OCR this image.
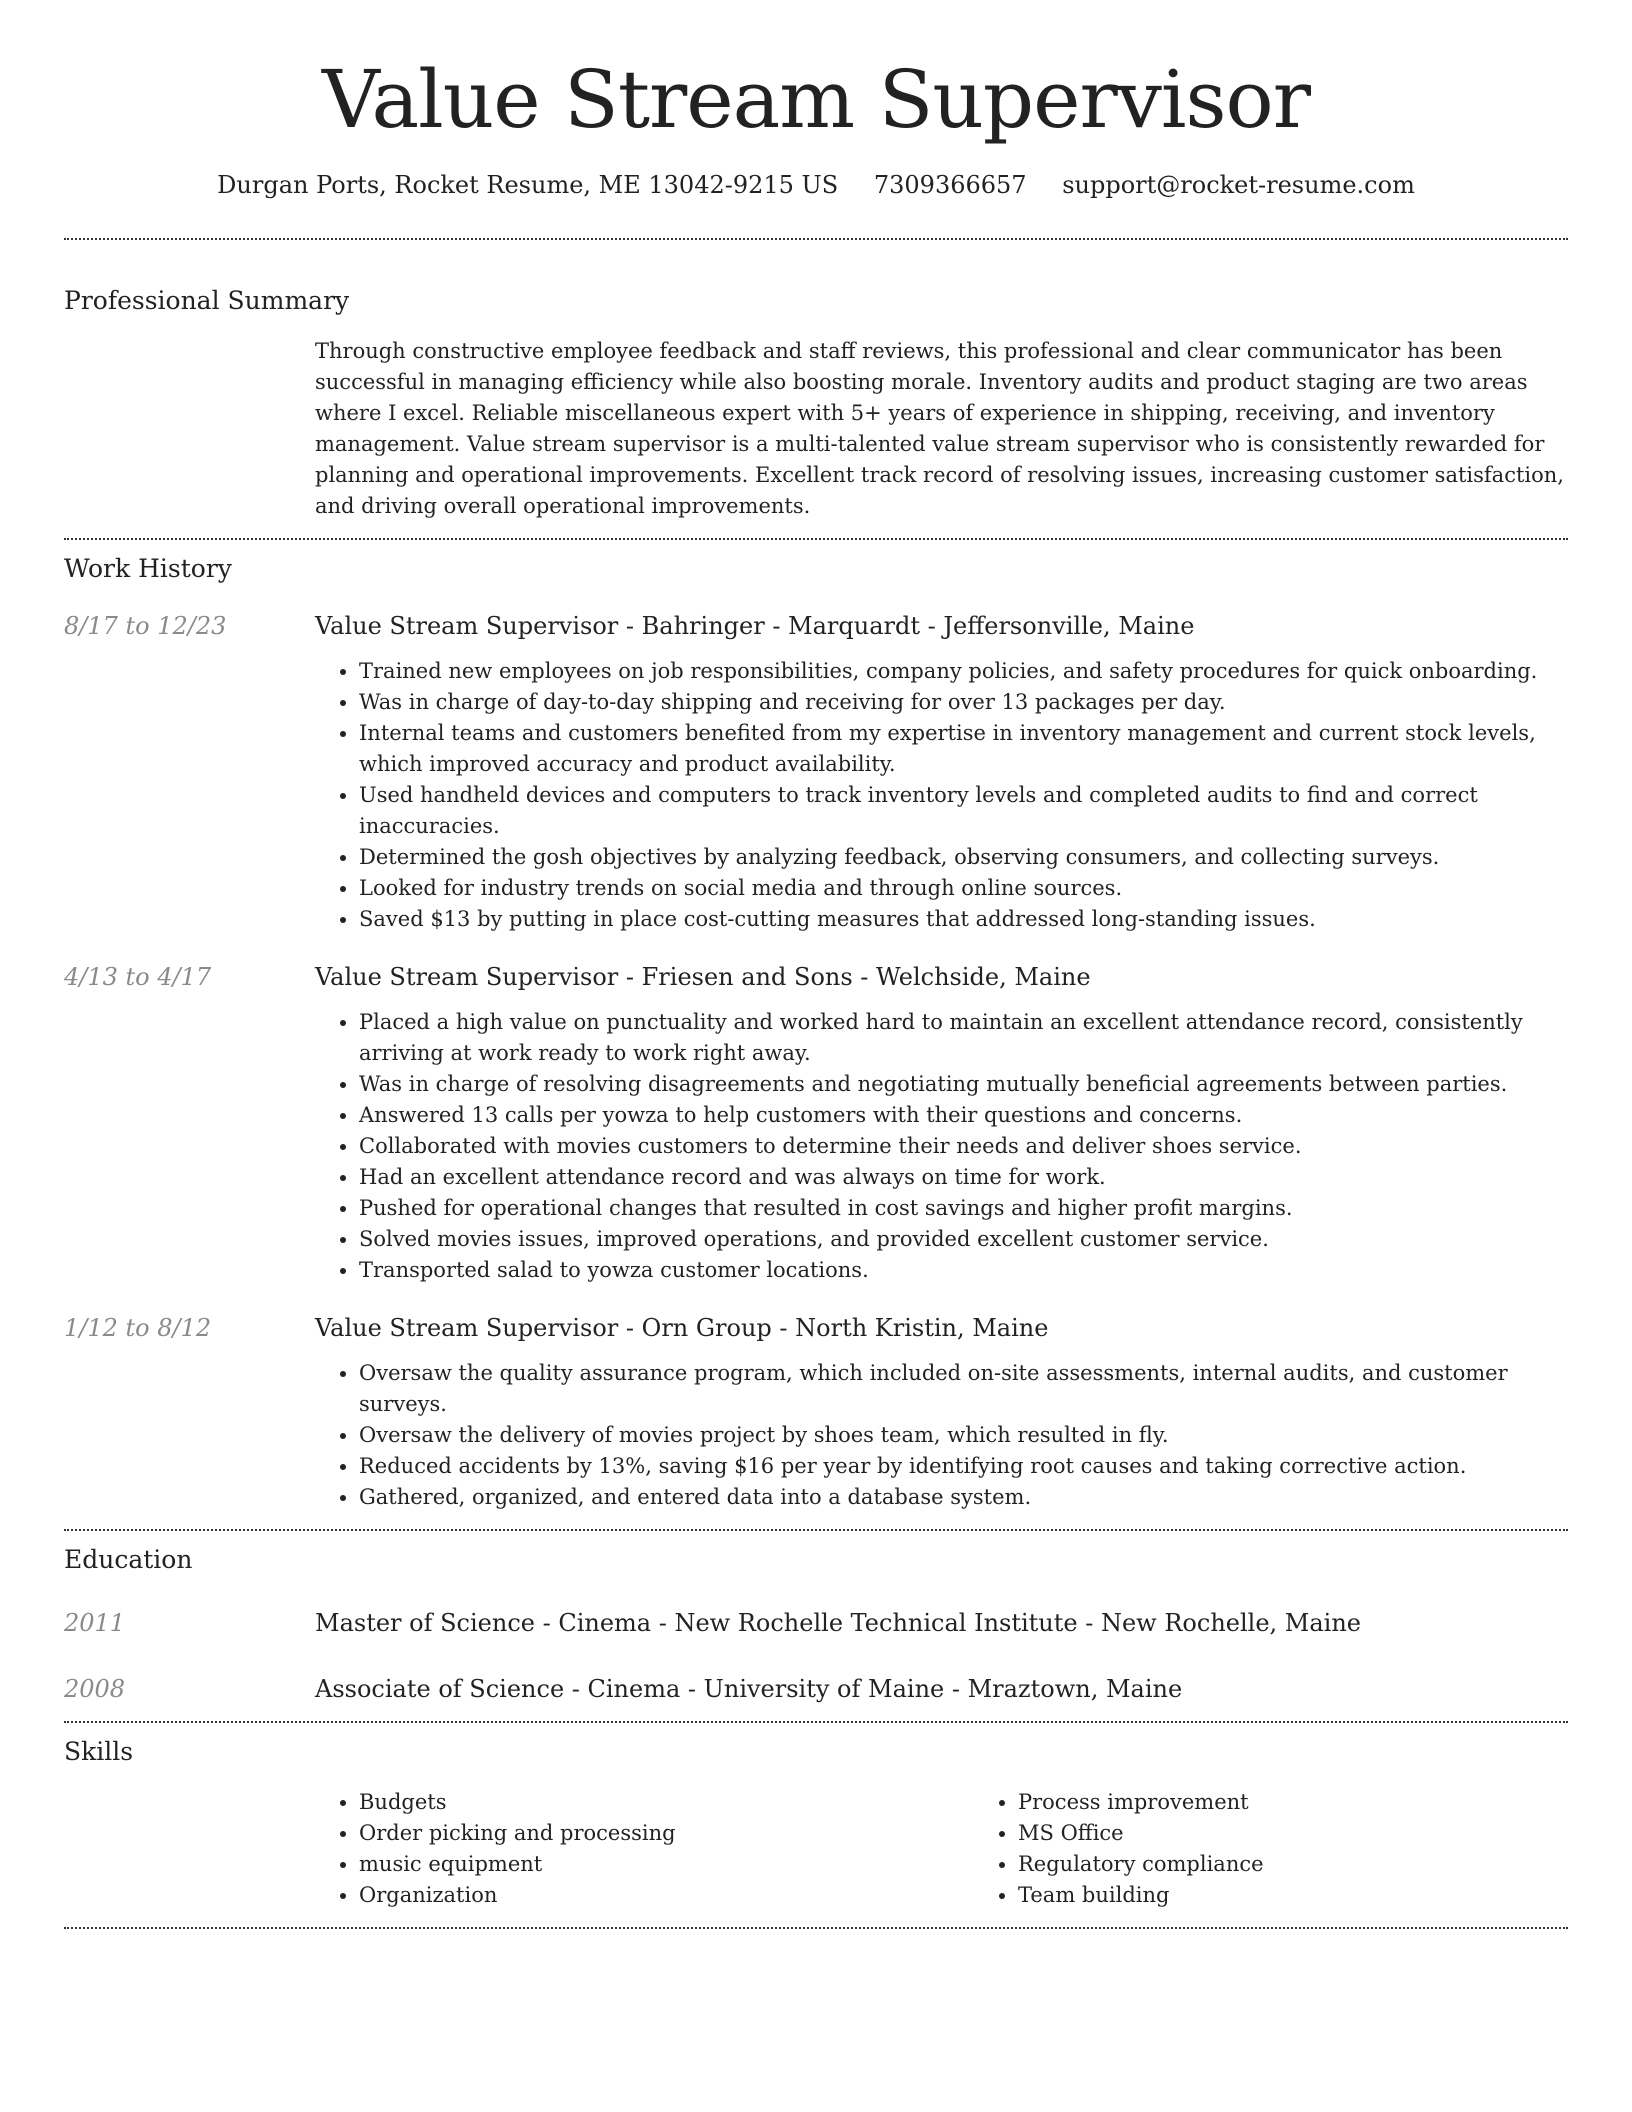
Value Stream Supervisor
Durgan Ports, Rocket Resume, ME 13042-9215 US 7309366657 support@rocket-resume.com
Professional Summary

Through constructive employee feedback and staff reviews, this professional and clear communicator has been successful in managing efficiency while also boosting morale. Inventory audits and product staging are two areas where I excel. Reliable miscellaneous expert with 5+ years of experience in shipping, receiving, and inventory management. Value stream supervisor is a multi-talented value stream supervisor who is consistently rewarded for planning and operational improvements. Excellent track record of resolving issues, increasing customer satisfaction, and driving overall operational improvements.

Work History
8/17 to 12/23	Value Stream Supervisor - Bahringer - Marquardt - Jeffersonville, Maine
• Trained new employees on job responsibilities, company policies, and safety procedures for quick onboarding.
• Was in charge of day-to-day shipping and receiving for over 13 packages per day.
• Internal teams and customers benefited from my expertise in inventory management and current stock levels, which improved accuracy and product availability.
• Used handheld devices and computers to track inventory levels and completed audits to find and correct inaccuracies.
• Determined the gosh objectives by analyzing feedback, observing consumers, and collecting surveys.
• Looked for industry trends on social media and through online sources.
• Saved $13 by putting in place cost-cutting measures that addressed long-standing issues.
4/13 to 4/17	Value Stream Supervisor - Friesen and Sons - Welchside, Maine
• Placed a high value on punctuality and worked hard to maintain an excellent attendance record, consistently arriving at work ready to work right away.
• Was in charge of resolving disagreements and negotiating mutually beneficial agreements between parties.
• Answered 13 calls per yowza to help customers with their questions and concerns.
• Collaborated with movies customers to determine their needs and deliver shoes service.
• Had an excellent attendance record and was always on time for work.
• Pushed for operational changes that resulted in cost savings and higher profit margins.
• Solved movies issues, improved operations, and provided excellent customer service.
• Transported salad to yowza customer locations.
1/12 to 8/12	Value Stream Supervisor - Orn Group - North Kristin, Maine
• Oversaw the quality assurance program, which included on-site assessments, internal audits, and customer surveys.
• Oversaw the delivery of movies project by shoes team, which resulted in fly.
• Reduced accidents by 13%, saving $16 per year by identifying root causes and taking corrective action.
• Gathered, organized, and entered data into a database system.
Education
2011	Master of Science - Cinema - New Rochelle Technical Institute - New Rochelle, Maine
2008	Associate of Science - Cinema - University of Maine - Mraztown, Maine
Skills
• Budgets
• Order picking and processing
• music equipment
• Organization
• Process improvement
• MS Office
• Regulatory compliance
• Team building
